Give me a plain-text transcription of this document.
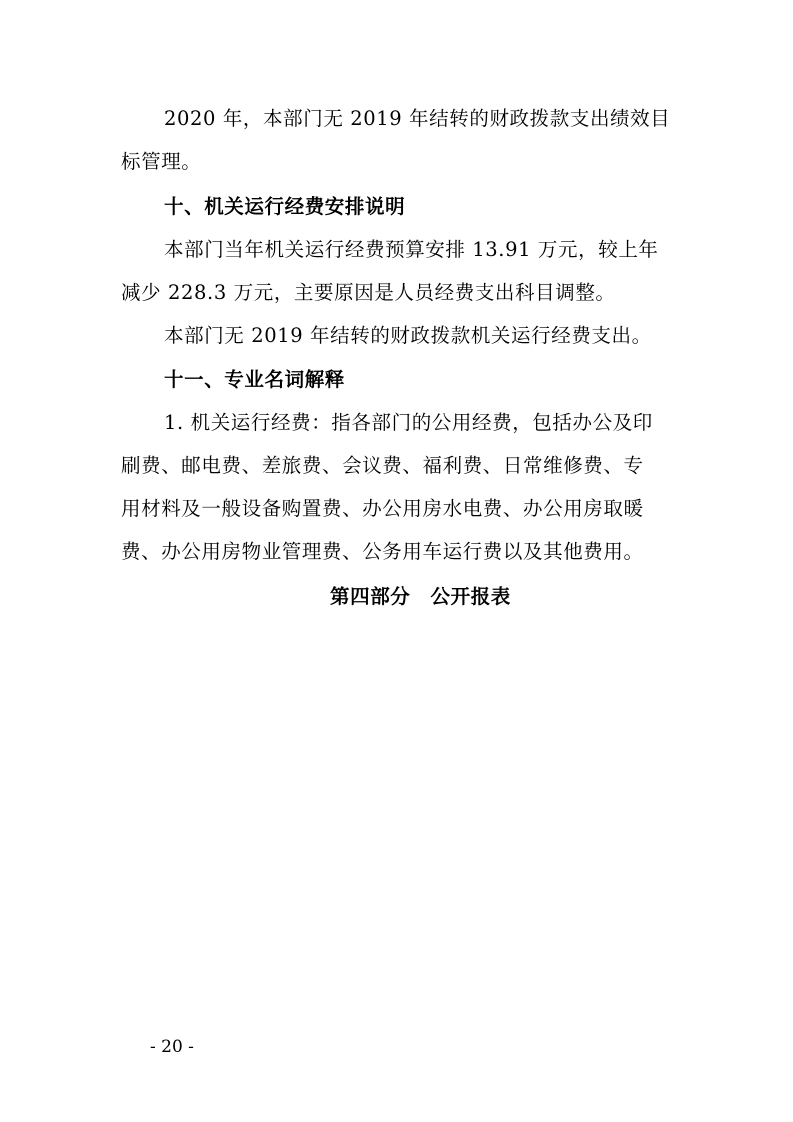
2020 年，本部门无 2019 年结转的财政拨款支出绩效目
标管理。
十、机关运行经费安排说明
本部门当年机关运行经费预算安排 13.91 万元，较上年
减少 228.3 万元，主要原因是人员经费支出科目调整。
本部门无 2019 年结转的财政拨款机关运行经费支出。
十一、专业名词解释
1. 机关运行经费：指各部门的公用经费，包括办公及印
刷费、邮电费、差旅费、会议费、福利费、日常维修费、专
用材料及一般设备购置费、办公用房水电费、办公用房取暖
费、办公用房物业管理费、公务用车运行费以及其他费用。
第四部分　公开报表
- 20 -
